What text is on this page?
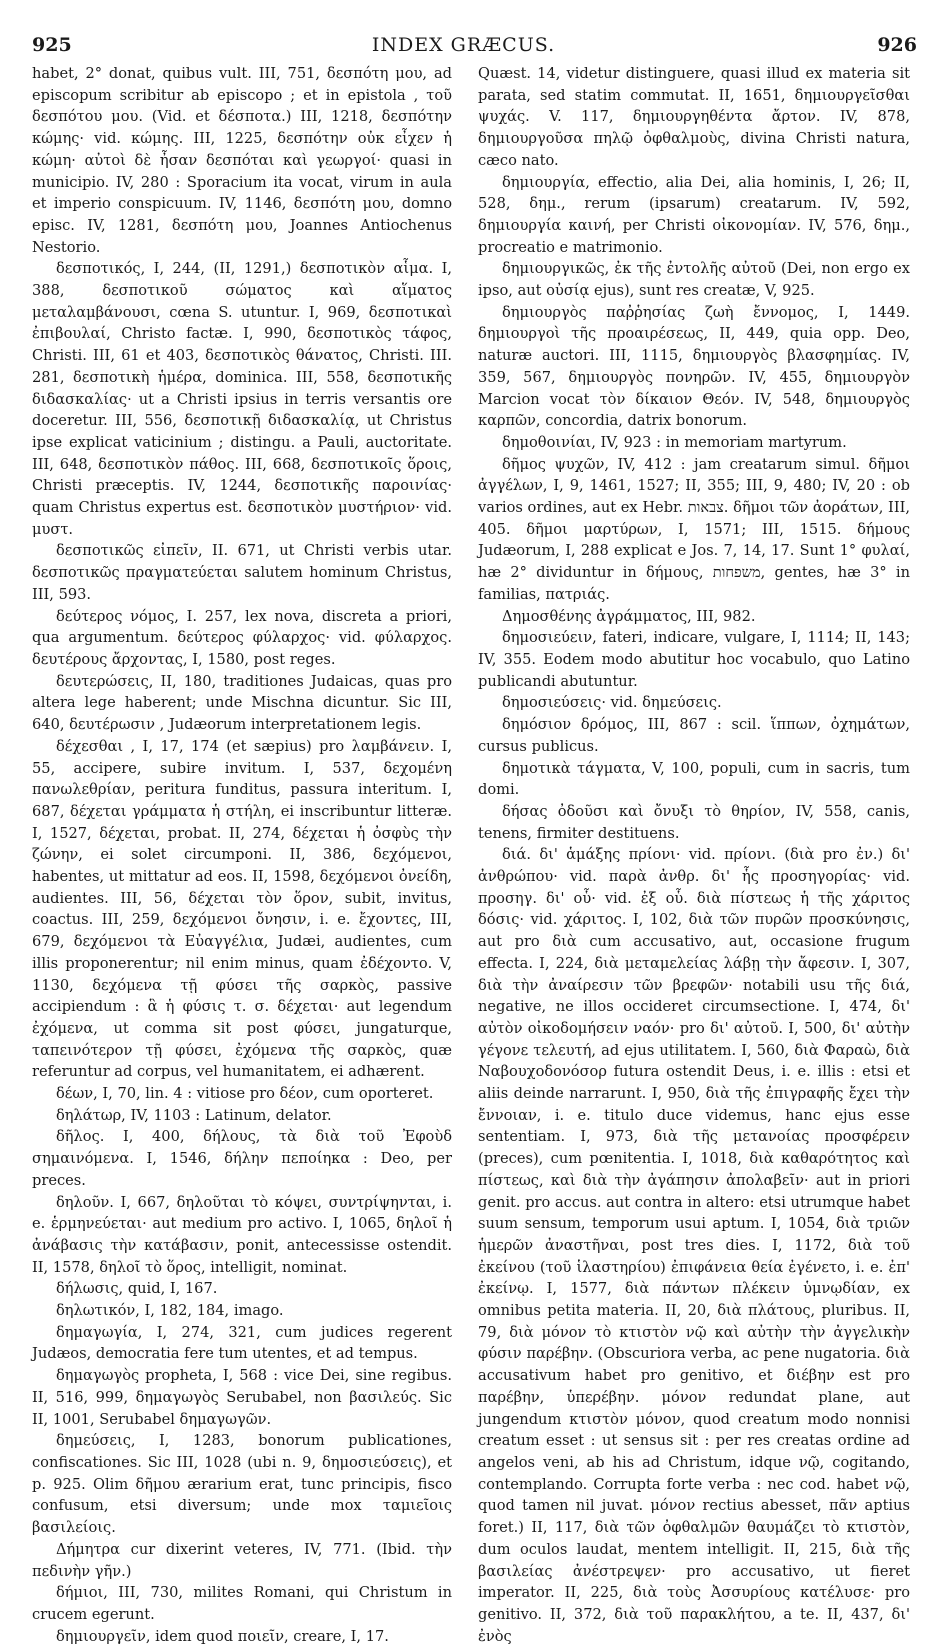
925	INDEX GRÆCUS.	926

habet, 2° donat, quibus vult. III, 751, δεσπότη μου, ad episcopum scribitur ab episcopo ; et in epistola , τοῦ δεσπότου μου. (Vid. et δέσποτα.) III, 1218, δεσπότην κώμης· vid. κώμης. III, 1225, δεσπότην οὐκ εἶχεν ἡ κώμη· αὐτοὶ δὲ ἦσαν δεσπόται καὶ γεωργοί· quasi in municipio. IV, 280 : Sporacium ita vocat, virum in aula et imperio conspicuum. IV, 1146, δεσπότη μου, domno episc. IV, 1281, δεσπότη μου, Joannes Antiochenus Nestorio.

δεσποτικός, I, 244, (II, 1291,) δεσποτικὸν αἷμα. I, 388, δεσποτικοῦ σώματος καὶ αἵματος μεταλαμβάνουσι, cœna S. utuntur. I, 969, δεσποτικαὶ ἐπιβουλαί, Christo factæ. I, 990, δεσποτικὸς τάφος, Christi. III, 61 et 403, δεσποτικὸς θάνατος, Christi. III. 281, δεσποτικὴ ἡμέρα, dominica. III, 558, δεσποτικῆς διδασκαλίας· ut a Christi ipsius in terris versantis ore doceretur. III, 556, δεσποτικῇ διδασκαλίᾳ, ut Christus ipse explicat vaticinium ; distingu. a Pauli, auctoritate. III, 648, δεσποτικὸν πάθος. III, 668, δεσποτικοῖς ὅροις, Christi præceptis. IV, 1244, δεσποτικῆς παροινίας· quam Christus expertus est. δεσποτικὸν μυστήριον· vid. μυστ.

δεσποτικῶς εἰπεῖν, II. 671, ut Christi verbis utar. δεσποτικῶς πραγματεύεται salutem hominum Christus, III, 593.

δεύτερος νόμος, I. 257, lex nova, discreta a priori, qua argumentum. δεύτερος φύλαρχος· vid. φύλαρχος. δευτέρους ἄρχοντας, I, 1580, post reges.

δευτερώσεις, II, 180, traditiones Judaicas, quas pro altera lege haberent; unde Mischna dicuntur. Sic III, 640, δευτέρωσιν , Judæorum interpretationem legis.

δέχεσθαι , I, 17, 174 (et sæpius) pro λαμβάνειν. I, 55, accipere, subire invitum. I, 537, δεχομένη πανωλεθρίαν, peritura funditus, passura interitum. I, 687, δέχεται γράμματα ἡ στήλη, ei inscribuntur litteræ. I, 1527, δέχεται, probat. II, 274, δέχεται ἡ ὀσφὺς τὴν ζώνην, ei solet circumponi. II, 386, δεχόμενοι, habentes, ut mittatur ad eos. II, 1598, δεχόμενοι ὀνείδη, audientes. III, 56, δέχεται τὸν ὅρον, subit, invitus, coactus. III, 259, δεχόμενοι ὄνησιν, i. e. ἔχοντες, III, 679, δεχόμενοι τὰ Εὐαγγέλια, Judæi, audientes, cum illis proponerentur; nil enim minus, quam ἐδέχοντο. V, 1130, δεχόμενα τῇ φύσει τῆς σαρκὸς, passive accipiendum : ἃ ἡ φύσις τ. σ. δέχεται· aut legendum ἐχόμενα, ut comma sit post φύσει, jungaturque, ταπεινότερον τῇ φύσει, ἐχόμενα τῆς σαρκὸς, quæ referuntur ad corpus, vel humanitatem, ei adhærent.

δέων, I, 70, lin. 4 : vitiose pro δέον, cum oporteret.

δηλάτωρ, IV, 1103 : Latinum, delator.

δῆλος. I, 400, δήλους, τὰ διὰ τοῦ Ἐφοὺδ σημαινόμενα. I, 1546, δήλην πεποίηκα : Deo, per preces.

δηλοῦν. I, 667, δηλοῦται τὸ κόψει, συντρίψηνται, i. e. ἑρμηνεύεται· aut medium pro activo. I, 1065, δηλοῖ ἡ ἀνάβασις τὴν κατάβασιν, ponit, antecessisse ostendit. II, 1578, δηλοῖ τὸ ὅρος, intelligit, nominat.

δήλωσις, quid, I, 167.

δηλωτικόν, I, 182, 184, imago.

δημαγωγία, I, 274, 321, cum judices regerent Judæos, democratia fere tum utentes, et ad tempus.

δημαγωγὸς propheta, I, 568 : vice Dei, sine regibus. II, 516, 999, δημαγωγὸς Serubabel, non βασιλεύς. Sic II, 1001, Serubabel δημαγωγῶν.

δημεύσεις, I, 1283, bonorum publicationes, confiscationes. Sic III, 1028 (ubi n. 9, δημοσιεύσεις), et p. 925. Olim δῆμου ærarium erat, tunc principis, fisco confusum, etsi diversum; unde mox ταμιεῖοις βασιλείοις.

Δήμητρα cur dixerint veteres, IV, 771. (Ibid. τὴν πεδινὴν γῆν.)

δήμιοι, III, 730, milites Romani, qui Christum in crucem egerunt.

δημιουργεῖν, idem quod ποιεῖν, creare, I, 17.

Quæst. 14, videtur distinguere, quasi illud ex materia sit parata, sed statim commutat. II, 1651, δημιουργεῖσθαι ψυχάς. V. 117, δημιουργηθέντα ἄρτον. IV, 878, δημιουργοῦσα πηλῷ ὀφθαλμοὺς, divina Christi natura, cæco nato.

δημιουργία, effectio, alia Dei, alia hominis, I, 26; II, 528, δημ., rerum (ipsarum) creatarum. IV, 592, δημιουργία καινή, per Christi οἰκονομίαν. IV, 576, δημ., procreatio e matrimonio.

δημιουργικῶς, ἐκ τῆς ἐντολῆς αὐτοῦ (Dei, non ergo ex ipso, aut οὐσίᾳ ejus), sunt res creatæ, V, 925.

δημιουργὸς παῤῥησίας ζωὴ ἔννομος, I, 1449. δημιουργοὶ τῆς προαιρέσεως, II, 449, quia opp. Deo, naturæ auctori. III, 1115, δημιουργὸς βλασφημίας. IV, 359, 567, δημιουργὸς πονηρῶν. IV, 455, δημιουργὸν Marcion vocat τὸν δίκαιον Θεόν. IV, 548, δημιουργὸς καρπῶν, concordia, datrix bonorum.

δημοθοινίαι, IV, 923 : in memoriam martyrum.

δῆμος ψυχῶν, IV, 412 : jam creatarum simul. δῆμοι ἀγγέλων, I, 9, 1461, 1527; II, 355; III, 9, 480; IV, 20 : ob varios ordines, aut ex Hebr. צבאות. δῆμοι τῶν ἀοράτων, III, 405. δῆμοι μαρτύρων, I, 1571; III, 1515. δήμους Judæorum, I, 288 explicat e Jos. 7, 14, 17. Sunt 1° φυλαί, hæ 2° dividuntur in δήμους, משפחות, gentes, hæ 3° in familias, πατριάς.

Δημοσθένης ἀγράμματος, III, 982.

δημοσιεύειν, fateri, indicare, vulgare, I, 1114; II, 143; IV, 355. Eodem modo abutitur hoc vocabulo, quo Latino publicandi abutuntur.

δημοσιεύσεις· vid. δημεύσεις.

δημόσιον δρόμος, III, 867 : scil. ἵππων, ὀχημάτων, cursus publicus.

δημοτικὰ τάγματα, V, 100, populi, cum in sacris, tum domi.

δήσας ὀδοῦσι καὶ ὄνυξι τὸ θηρίον, IV, 558, canis, tenens, firmiter destituens.

διά. δι' ἁμάξης πρίονι· vid. πρίονι. (διὰ pro ἐν.) δι' ἀνθρώπου· vid. παρὰ ἀνθρ. δι' ἧς προσηγορίας· vid. προσηγ. δι' οὗ· vid. ἐξ οὗ. διὰ πίστεως ἡ τῆς χάριτος δόσις· vid. χάριτος. I, 102, διὰ τῶν πυρῶν προσκύνησις, aut pro διὰ cum accusativo, aut, occasione frugum effecta. I, 224, διὰ μεταμελείας λάβῃ τὴν ἄφεσιν. I, 307, διὰ τὴν ἀναίρεσιν τῶν βρεφῶν· notabili usu τῆς διά, negative, ne illos occideret circumsectione. I, 474, δι' αὐτὸν οἰκοδομήσειν ναόν· pro δι' αὐτοῦ. I, 500, δι' αὐτὴν γέγονε τελευτή, ad ejus utilitatem. I, 560, διὰ Φαραὼ, διὰ Ναβουχοδονόσορ futura ostendit Deus, i. e. illis : etsi et aliis deinde narrarunt. I, 950, διὰ τῆς ἐπιγραφῆς ἔχει τὴν ἔννοιαν, i. e. titulo duce videmus, hanc ejus esse sententiam. I, 973, διὰ τῆς μετανοίας προσφέρειν (preces), cum pœnitentia. I, 1018, διὰ καθαρότητος καὶ πίστεως, καὶ διὰ τὴν ἀγάπησιν ἀπολαβεῖν· aut in priori genit. pro accus. aut contra in altero: etsi utrumque habet suum sensum, temporum usui aptum. I, 1054, διὰ τριῶν ἡμερῶν ἀναστῆναι, post tres dies. I, 1172, διὰ τοῦ ἐκείνου (τοῦ ἱλαστηρίου) ἐπιφάνεια θεία ἐγένετο, i. e. ἐπ' ἐκείνῳ. I, 1577, διὰ πάντων πλέκειν ὑμνῳδίαν, ex omnibus petita materia. II, 20, διὰ πλάτους, pluribus. II, 79, διὰ μόνον τὸ κτιστὸν νῷ καὶ αὐτὴν τὴν ἀγγελικὴν φύσιν παρέβην. (Obscuriora verba, ac pene nugatoria. διὰ accusativum habet pro genitivo, et διέβην est pro παρέβην, ὑπερέβην. μόνον redundat plane, aut jungendum κτιστὸν μόνον, quod creatum modo nonnisi creatum esset : ut sensus sit : per res creatas ordine ad angelos veni, ab his ad Christum, idque νῷ, cogitando, contemplando. Corrupta forte verba : nec cod. habet νῷ, quod tamen nil juvat. μόνον rectius abesset, πᾶν aptius foret.) II, 117, διὰ τῶν ὀφθαλμῶν θαυμάζει τὸ κτιστὸν, dum oculos laudat, mentem intelligit. II, 215, διὰ τῆς βασιλείας ἀνέστρεψεν· pro accusativo, ut fieret imperator. II, 225, διὰ τοὺς Ἀσσυρίους κατέλυσε· pro genitivo. II, 372, διὰ τοῦ παρακλήτου, a te. II, 437, δι' ἐνὸς
